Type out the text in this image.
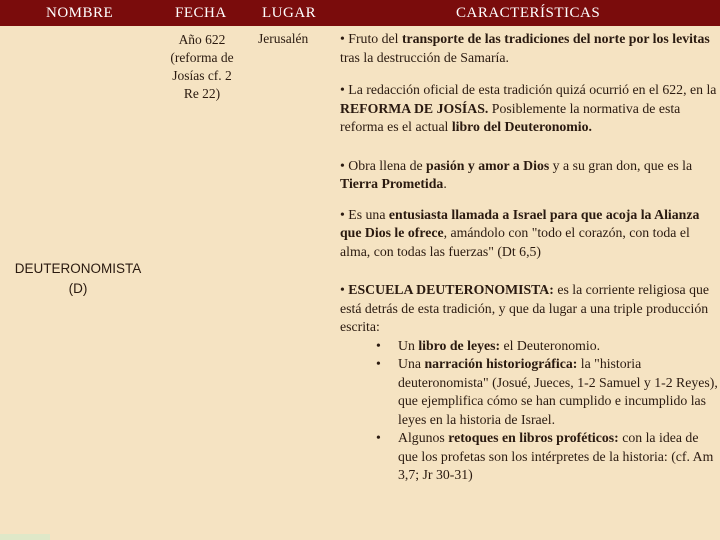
NOMBRE	FECHA LUGAR	CARACTERÍSTICAS
Año 622
(reforma de
Josías cf. 2
Re 22)
Jerusalén
DEUTERONOMISTA
(D)

• Fruto del transporte de las tradiciones del norte por los levitas tras la destrucción de Samaría.

• La redacción oficial de esta tradición quizá ocurrió en el 622, en la REFORMA DE JOSÍAS. Posiblemente la normativa de esta reforma es el actual libro del Deuteronomio.

• Obra llena de pasión y amor a Dios y a su gran don, que es la Tierra Prometida.

• Es una entusiasta llamada a Israel para que acoja la Alianza que Dios le ofrece, amándolo con "todo el corazón, con toda el alma, con todas las fuerzas" (Dt 6,5)

• ESCUELA DEUTERONOMISTA: es la corriente religiosa que está detrás de esta tradición, y que da lugar a una triple producción escrita:

• Un libro de leyes: el Deuteronomio.
• Una narración historiográfica: la "historia deuteronomista" (Josué, Jueces, 1-2 Samuel y 1-2 Reyes), que ejemplifica cómo se han cumplido e incumplido las leyes en la historia de Israel.
• Algunos retoques en libros proféticos: con la idea de que los profetas son los intérpretes de la historia: (cf. Am 3,7; Jr 30-31)
